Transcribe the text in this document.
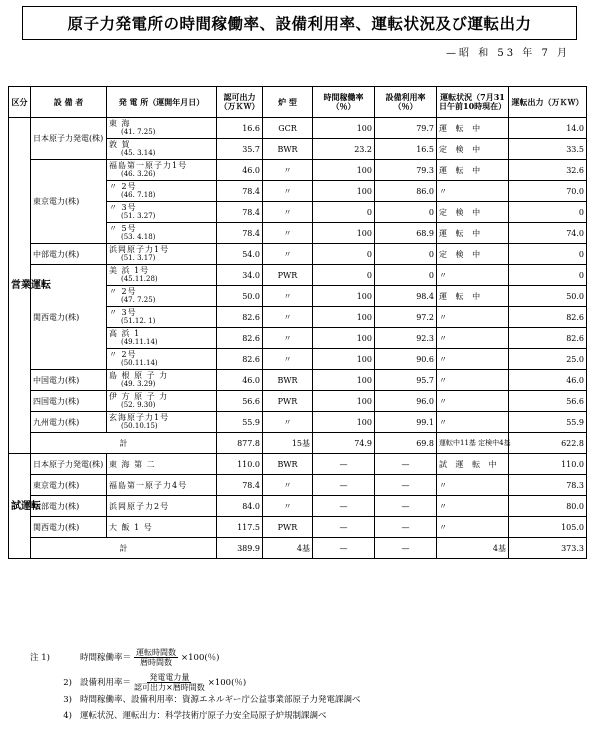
原子力発電所の時間稼働率、設備利用率、運転状況及び運転出力
—昭 和 53 年 7 月
区分	設 備 者	発 電 所（運開年月日）	認可出力（万ＫＷ）	炉 型	時間稼働率（％）	設備利用率（％）	運転状況（7月31日午前10時現在）	運転出力（万ＫＷ）
営業運転	日本原子力発電(株)	東 海
(41. 7.25)	16.6	GCR	100	79.7	運 転 中	14.0

		敦 賀
(45. 3.14)	35.7	BWR	23.2	16.5	定 検 中	33.5
	東京電力(株)	福島第一原子力1号
(46. 3.26)	46.0	〃	100	79.3	運 転 中	32.6

		〃 2号
(46. 7.18)	78.4	〃	100	86.0	〃	70.0

		〃 3号
(51. 3.27)	78.4	〃	0	0	定 検 中	0

		〃 5号
(53. 4.18)	78.4	〃	100	68.9	運 転 中	74.0
	中部電力(株)	浜岡原子力1号
(51. 3.17)	54.0	〃	0	0	定 検 中	0
	関西電力(株)	美 浜 1号
(45.11.28)	34.0	PWR	0	0	〃	0

		〃 2号
(47. 7.25)	50.0	〃	100	98.4	運 転 中	50.0

		〃 3号
(51.12. 1)	82.6	〃	100	97.2	〃	82.6

		高 浜 1
(49.11.14)	82.6	〃	100	92.3	〃	82.6

		〃 2号
(50.11.14)	82.6	〃	100	90.6	〃	25.0
	中国電力(株)	島 根 原 子 力
(49. 3.29)	46.0	BWR	100	95.7	〃	46.0
	四国電力(株)	伊 方 原 子 力
(52. 9.30)	56.6	PWR	100	96.0	〃	56.6
	九州電力(株)	玄海原子力1号
(50.10.15)	55.9	〃	100	99.1	〃	55.9
	計		877.8	15基	74.9	69.8	運転中11基 定検中4基	622.8
試運転	日本原子力発電(株)	東 海 第 二	110.0	BWR	—	—	試 運 転 中	110.0
	東京電力(株)	福島第一原子力4号	78.4	〃	—	—	〃	78.3
	中部電力(株)	浜岡原子力2号	84.0	〃	—	—	〃	80.0
	関西電力(株)	大 飯 1 号	117.5	PWR	—	—	〃	105.0
	計		389.9	4基	—	—	4基	373.3
注 1)	時間稼働率＝ $\frac{\text{運転時間数}}{\text{暦時間数}} \times 100$(％)
2) 設備利用率＝ $\frac{\text{発電電力量}}{\text{認可出力×暦時間数}} \times 100$(％)
3) 時間稼働率、設備利用率：資源エネルギー庁公益事業部原子力発電課調べ
4) 運転状況、運転出力：科学技術庁原子力安全局原子炉規制課調べ
